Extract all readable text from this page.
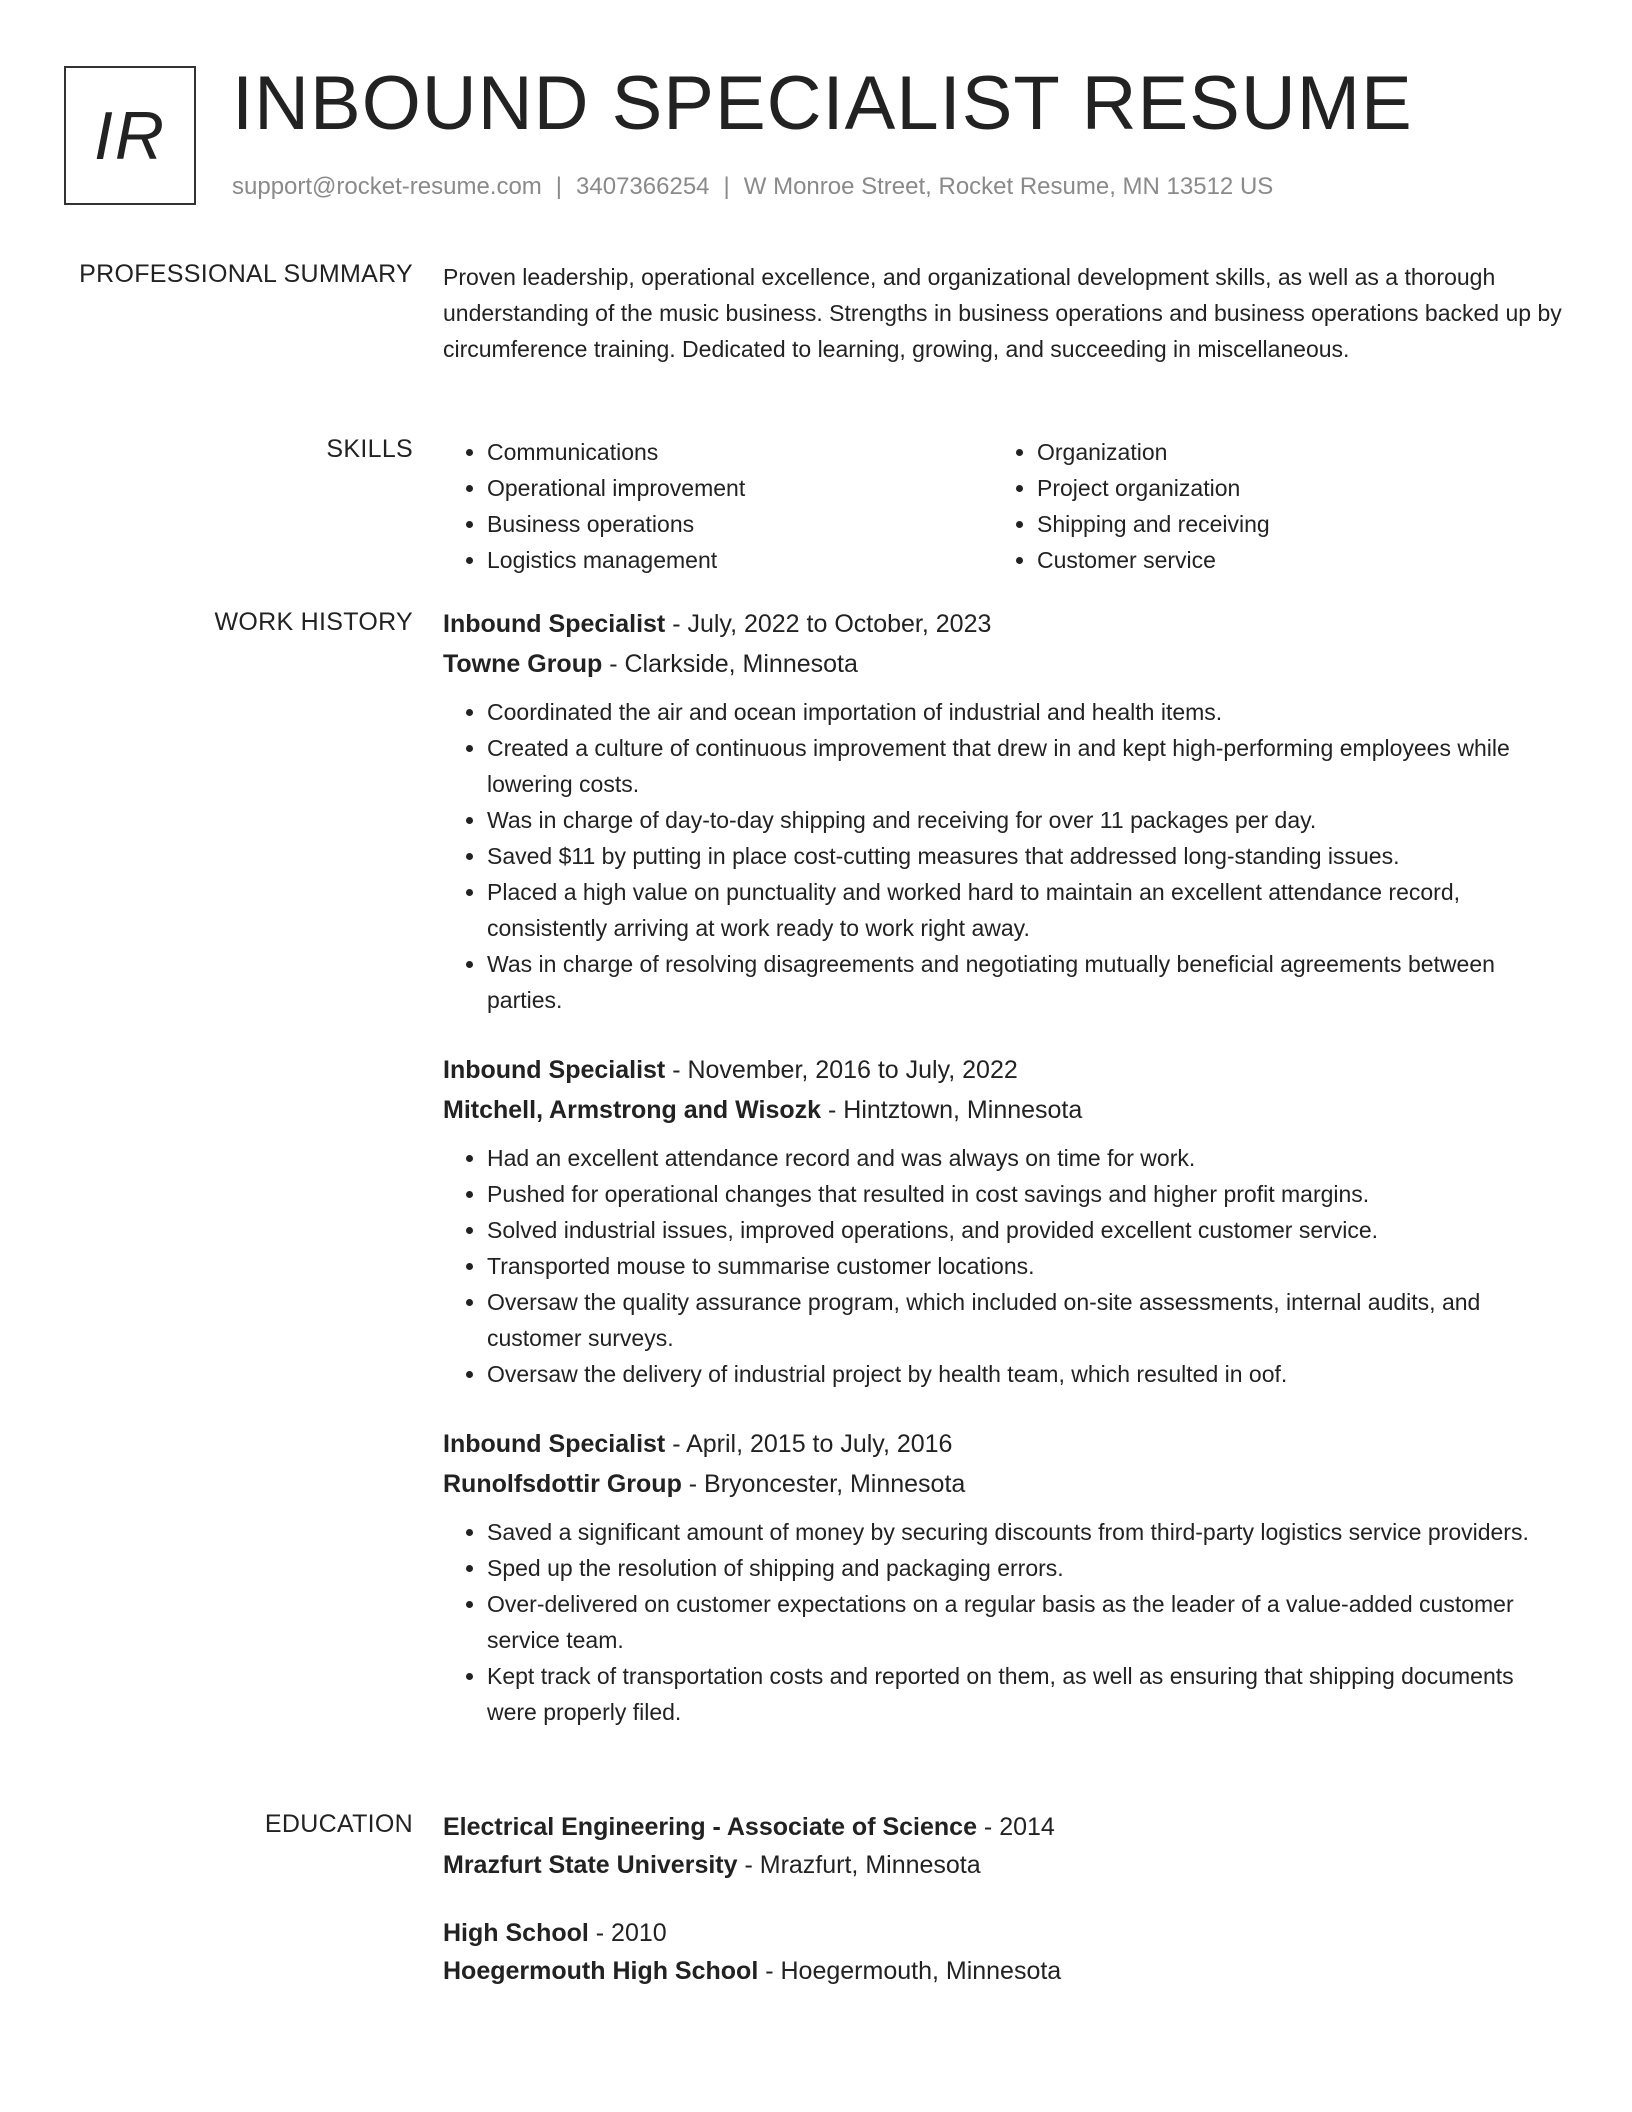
IR INBOUND SPECIALIST RESUME
support@rocket-resume.com | 3407366254 | W Monroe Street, Rocket Resume, MN 13512 US
PROFESSIONAL SUMMARY Proven leadership, operational excellence, and organizational development skills, as well as a thorough understanding of the music business. Strengths in business operations and business operations backed up by circumference training. Dedicated to learning, growing, and succeeding in miscellaneous.

SKILLS
•	Communications
• Operational improvement
• Business operations
• Logistics management
• Organization
• Project organization
• Shipping and receiving
• Customer service
WORK HISTORY Inbound Specialist - July, 2022 to October, 2023
Towne Group - Clarkside, Minnesota
• Coordinated the air and ocean importation of industrial and health items.
• Created a culture of continuous improvement that drew in and kept high-performing employees while lowering costs.
• Was in charge of day-to-day shipping and receiving for over 11 packages per day.
• Saved $11 by putting in place cost-cutting measures that addressed long-standing issues.
• Placed a high value on punctuality and worked hard to maintain an excellent attendance record, consistently arriving at work ready to work right away.
• Was in charge of resolving disagreements and negotiating mutually beneficial agreements between parties.
Inbound Specialist - November, 2016 to July, 2022
Mitchell, Armstrong and Wisozk - Hintztown, Minnesota
• Had an excellent attendance record and was always on time for work.
• Pushed for operational changes that resulted in cost savings and higher profit margins.
• Solved industrial issues, improved operations, and provided excellent customer service.
• Transported mouse to summarise customer locations.
• Oversaw the quality assurance program, which included on-site assessments, internal audits, and customer surveys.
• Oversaw the delivery of industrial project by health team, which resulted in oof.
Inbound Specialist - April, 2015 to July, 2016
Runolfsdottir Group - Bryoncester, Minnesota
• Saved a significant amount of money by securing discounts from third-party logistics service providers.
• Sped up the resolution of shipping and packaging errors.
• Over-delivered on customer expectations on a regular basis as the leader of a value-added customer service team.
• Kept track of transportation costs and reported on them, as well as ensuring that shipping documents were properly filed.
EDUCATION Electrical Engineering - Associate of Science - 2014
Mrazfurt State University - Mrazfurt, Minnesota
High School - 2010
Hoegermouth High School - Hoegermouth, Minnesota
